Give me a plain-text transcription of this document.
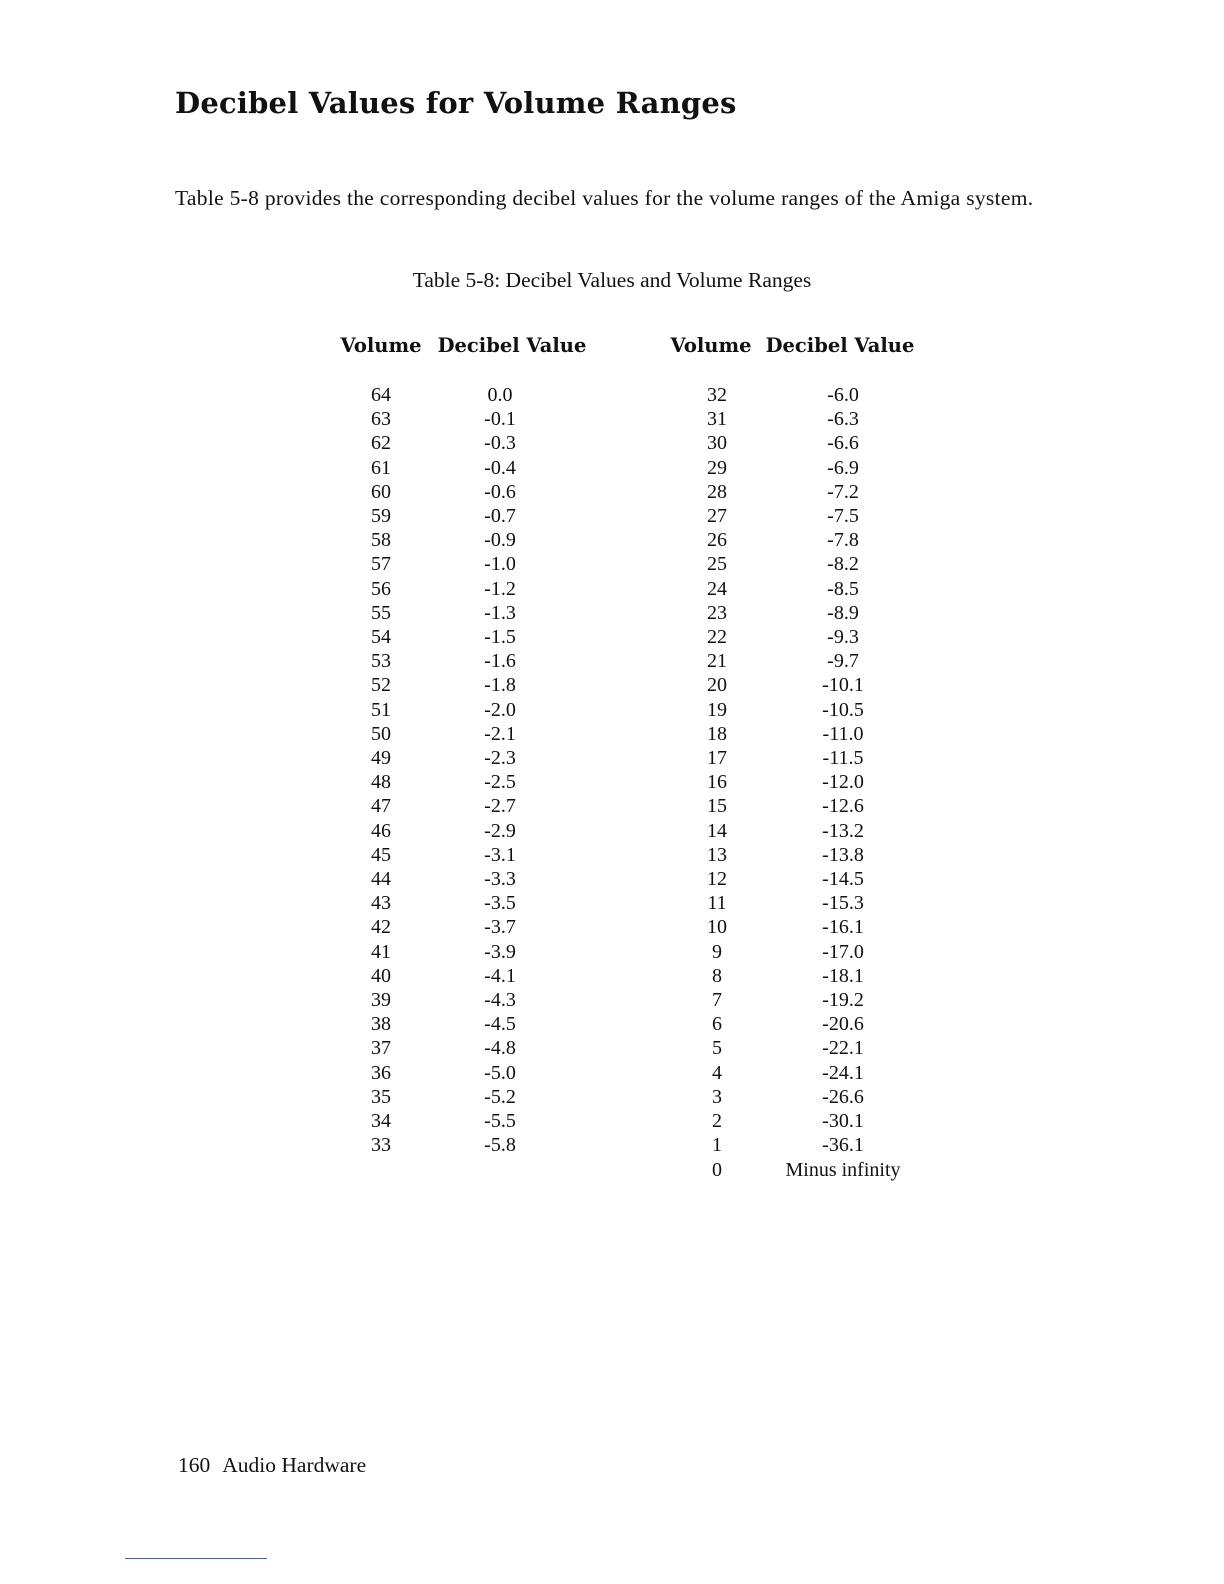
Decibel Values for Volume Ranges

Table 5-8 provides the corresponding decibel values for the volume ranges of the Amiga system.

Table 5-8: Decibel Values and Volume Ranges
Volume Decibel Value	Volume Decibel Value
64
63
62
61
60
59
58
57
56
55
54
53
52
51
50
49
48
47
46
45
44
43
42
41
40
39
38
37
36
35
34
33
0.0
-0.1
-0.3
-0.4
-0.6
-0.7
-0.9
-1.0
-1.2
-1.3
-1.5
-1.6
-1.8
-2.0
-2.1
-2.3
-2.5
-2.7
-2.9
-3.1
-3.3
-3.5
-3.7
-3.9
-4.1
-4.3
-4.5
-4.8
-5.0
-5.2
-5.5
-5.8
32
31
30
29
28
27
26
25
24
23
22
21
20
19
18
17
16
15
14
13
12
11
10
9
8
7
6
5
4
3
2
1
0
-6.0
-6.3
-6.6
-6.9
-7.2
-7.5
-7.8
-8.2
-8.5
-8.9
-9.3
-9.7
-10.1
-10.5
-11.0
-11.5
-12.0
-12.6
-13.2
-13.8
-14.5
-15.3
-16.1
-17.0
-18.1
-19.2
-20.6
-22.1
-24.1
-26.6
-30.1
-36.1
Minus infinity
160 Audio Hardware
